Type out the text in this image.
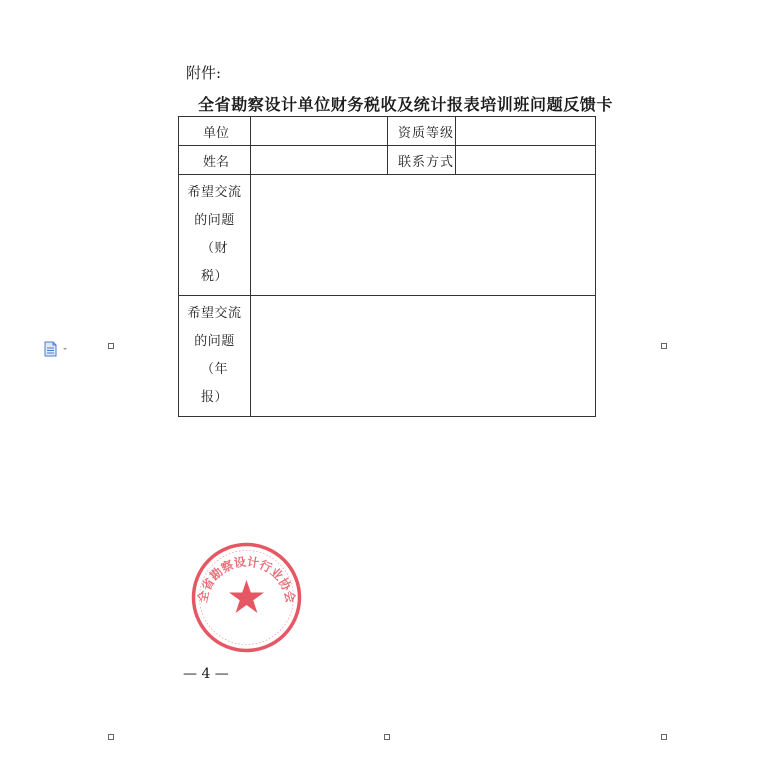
附件:
全省勘察设计单位财务税收及统计报表培训班问题反馈卡
单位		资质等级	
姓名		联系方式	

希望交流
的问题（财
税）			

希望交流
的问题（年
报）			

全省勘察设计行业协会
— 4 —
